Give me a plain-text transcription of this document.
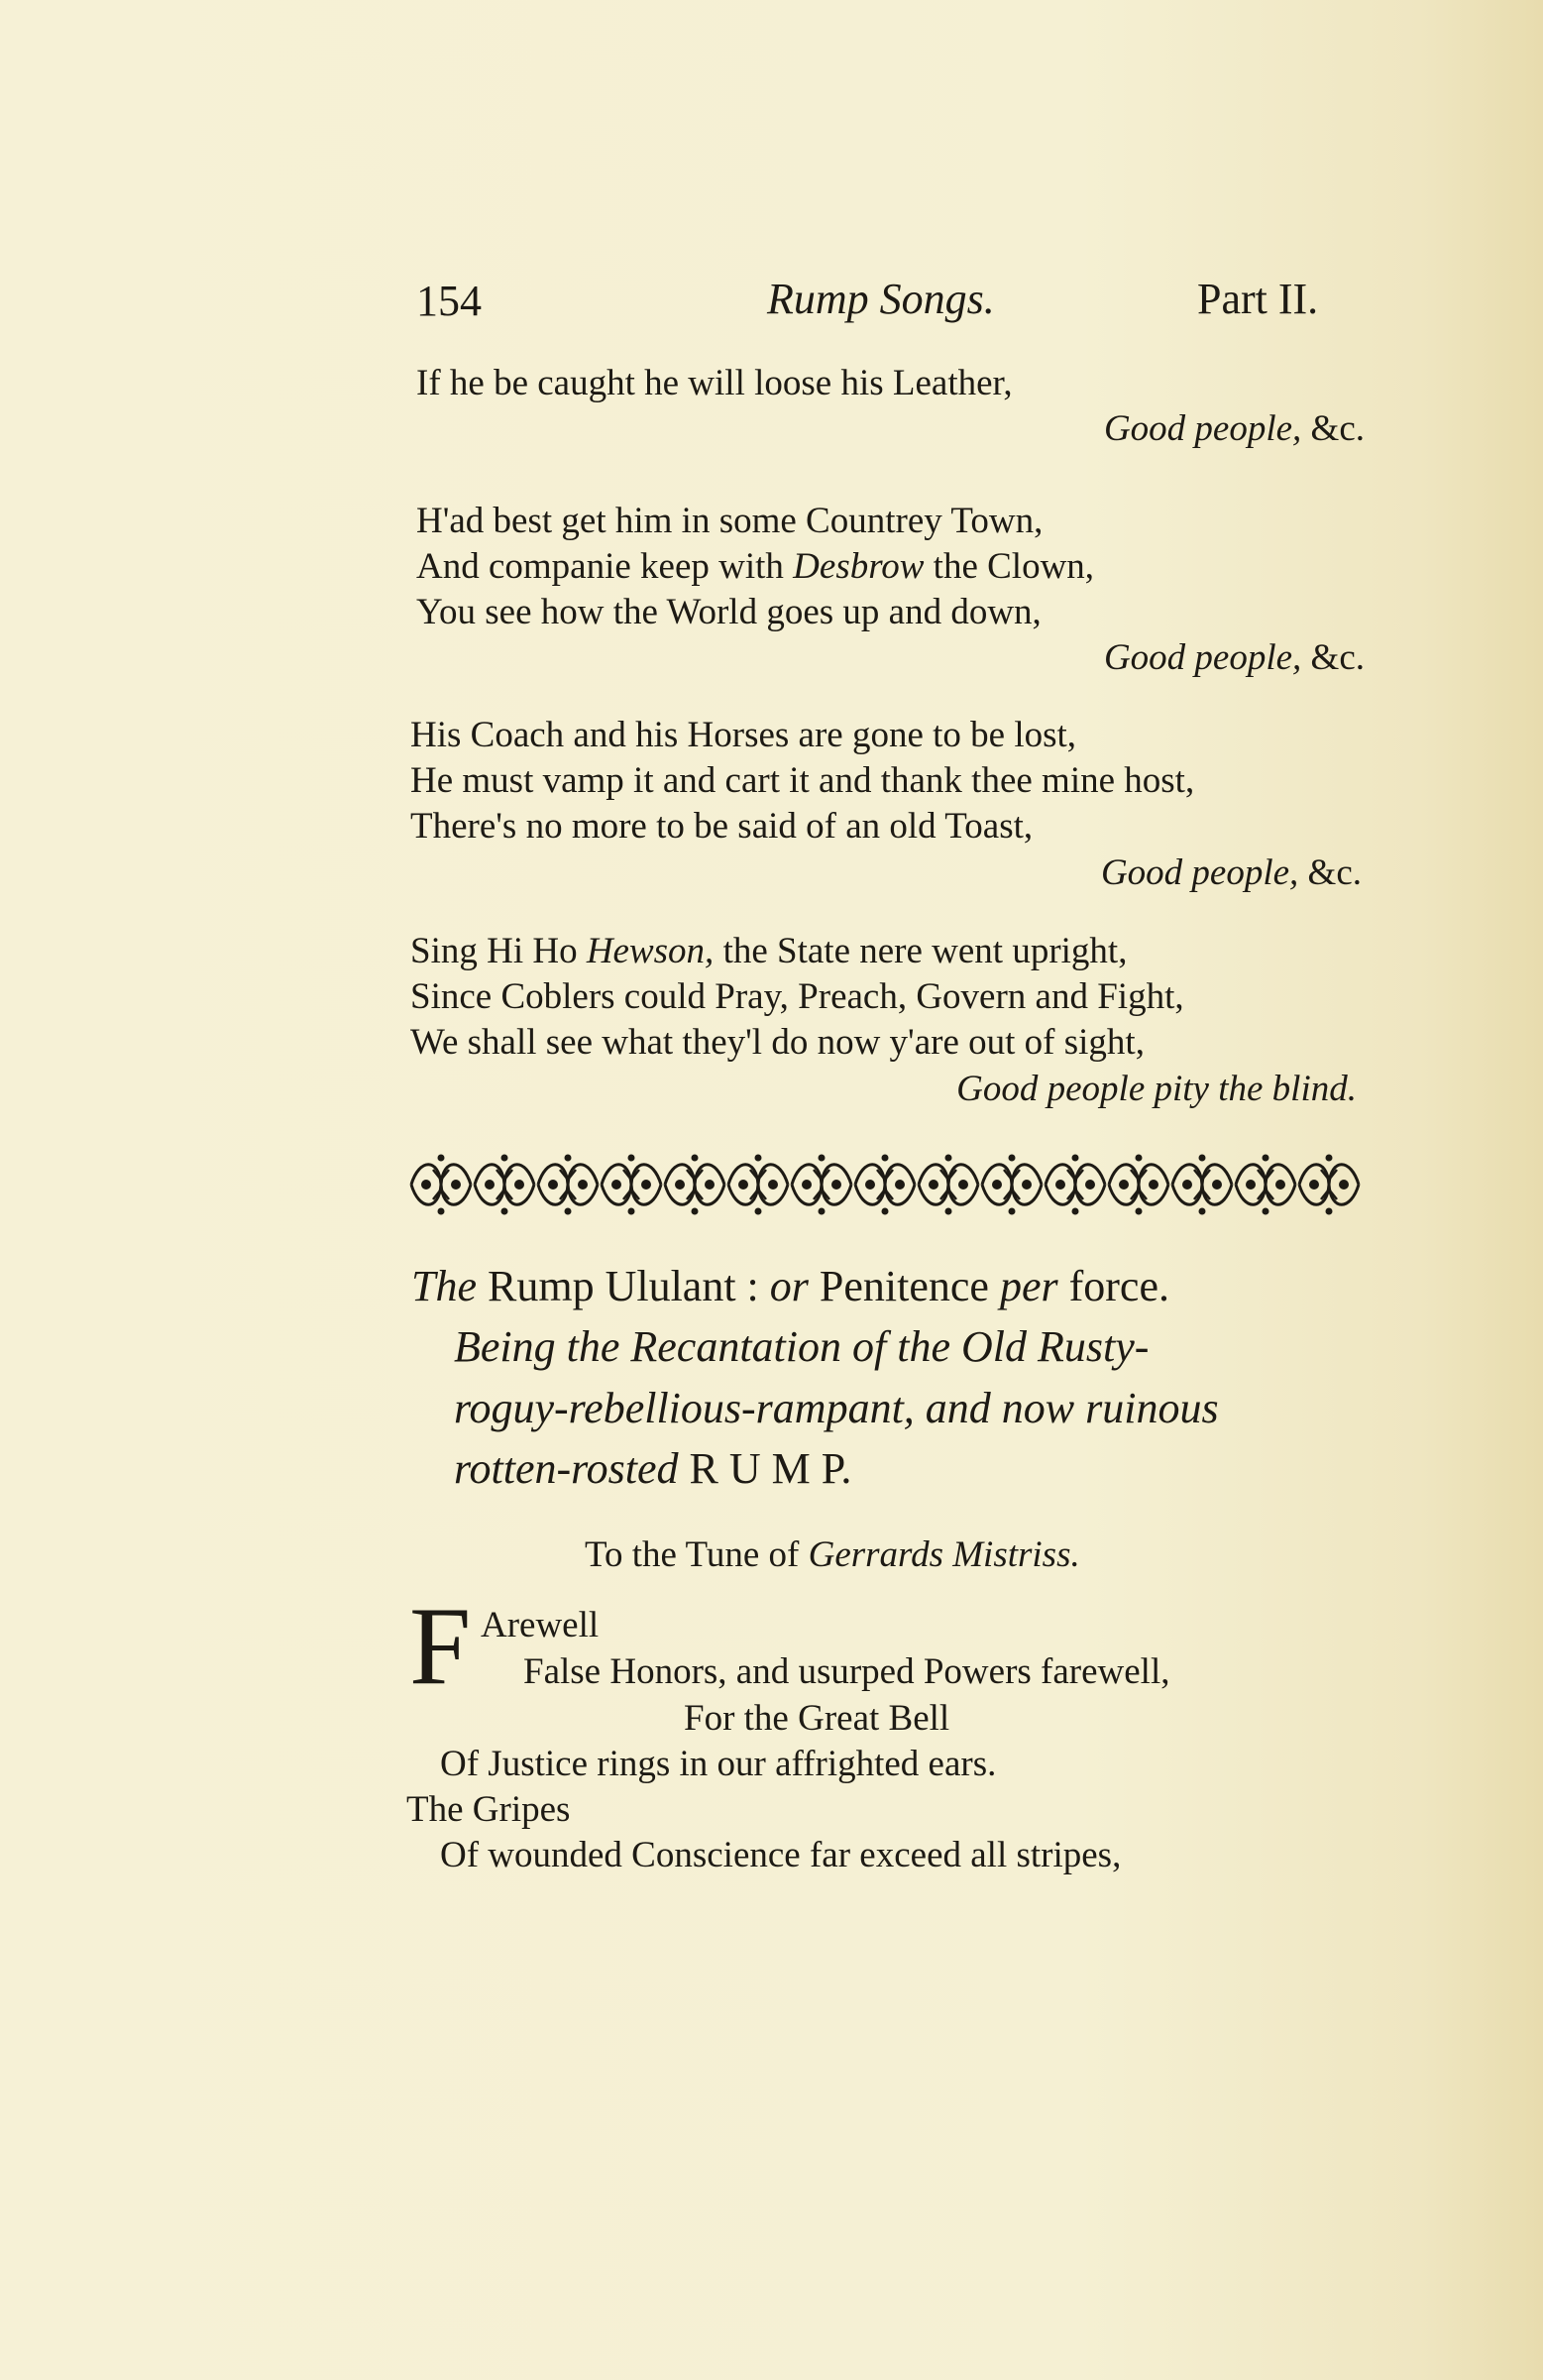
154	Rump Songs.	Part II.
If he be caught he will loose his Leather,
Good people, &c.
H'ad best get him in some Countrey Town,
And companie keep with Desbrow the Clown,
You see how the World goes up and down,
Good people, &c.
His Coach and his Horses are gone to be lost,
He must vamp it and cart it and thank thee mine host,
There's no more to be said of an old Toast,
Good people, &c.
Sing Hi Ho Hewson, the State nere went upright,
Since Coblers could Pray, Preach, Govern and Fight,
We shall see what they'l do now y'are out of sight,
Good people pity the blind.
The Rump Ululant : or Penitence per force.
Being the Recantation of the Old Rusty-
roguy-rebellious-rampant, and now ruinous
rotten-rosted R U M P.
To the Tune of Gerrards Mistriss.
F Arewell
False Honors, and usurped Powers farewell,
For the Great Bell
Of Justice rings in our affrighted ears.
The Gripes
Of wounded Conscience far exceed all stripes,
